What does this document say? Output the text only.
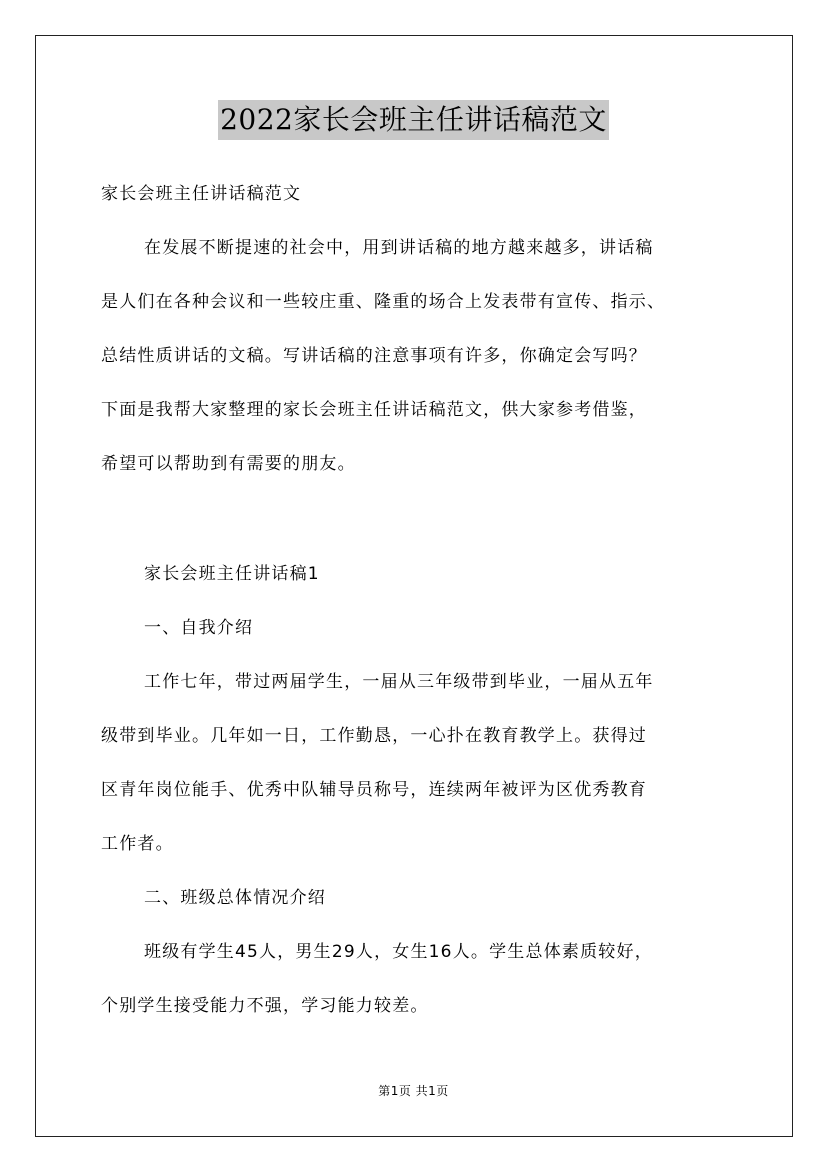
2022家长会班主任讲话稿范文
家长会班主任讲话稿范文
在发展不断提速的社会中，用到讲话稿的地方越来越多，讲话稿
是人们在各种会议和一些较庄重、隆重的场合上发表带有宣传、指示、
总结性质讲话的文稿。写讲话稿的注意事项有许多，你确定会写吗？
下面是我帮大家整理的家长会班主任讲话稿范文，供大家参考借鉴，
希望可以帮助到有需要的朋友。
家长会班主任讲话稿1
一、自我介绍
工作七年，带过两届学生，一届从三年级带到毕业，一届从五年
级带到毕业。几年如一日，工作勤恳，一心扑在教育教学上。获得过
区青年岗位能手、优秀中队辅导员称号，连续两年被评为区优秀教育
工作者。
二、班级总体情况介绍
班级有学生45人，男生29人，女生16人。学生总体素质较好，
个别学生接受能力不强，学习能力较差。
第1页 共1页
